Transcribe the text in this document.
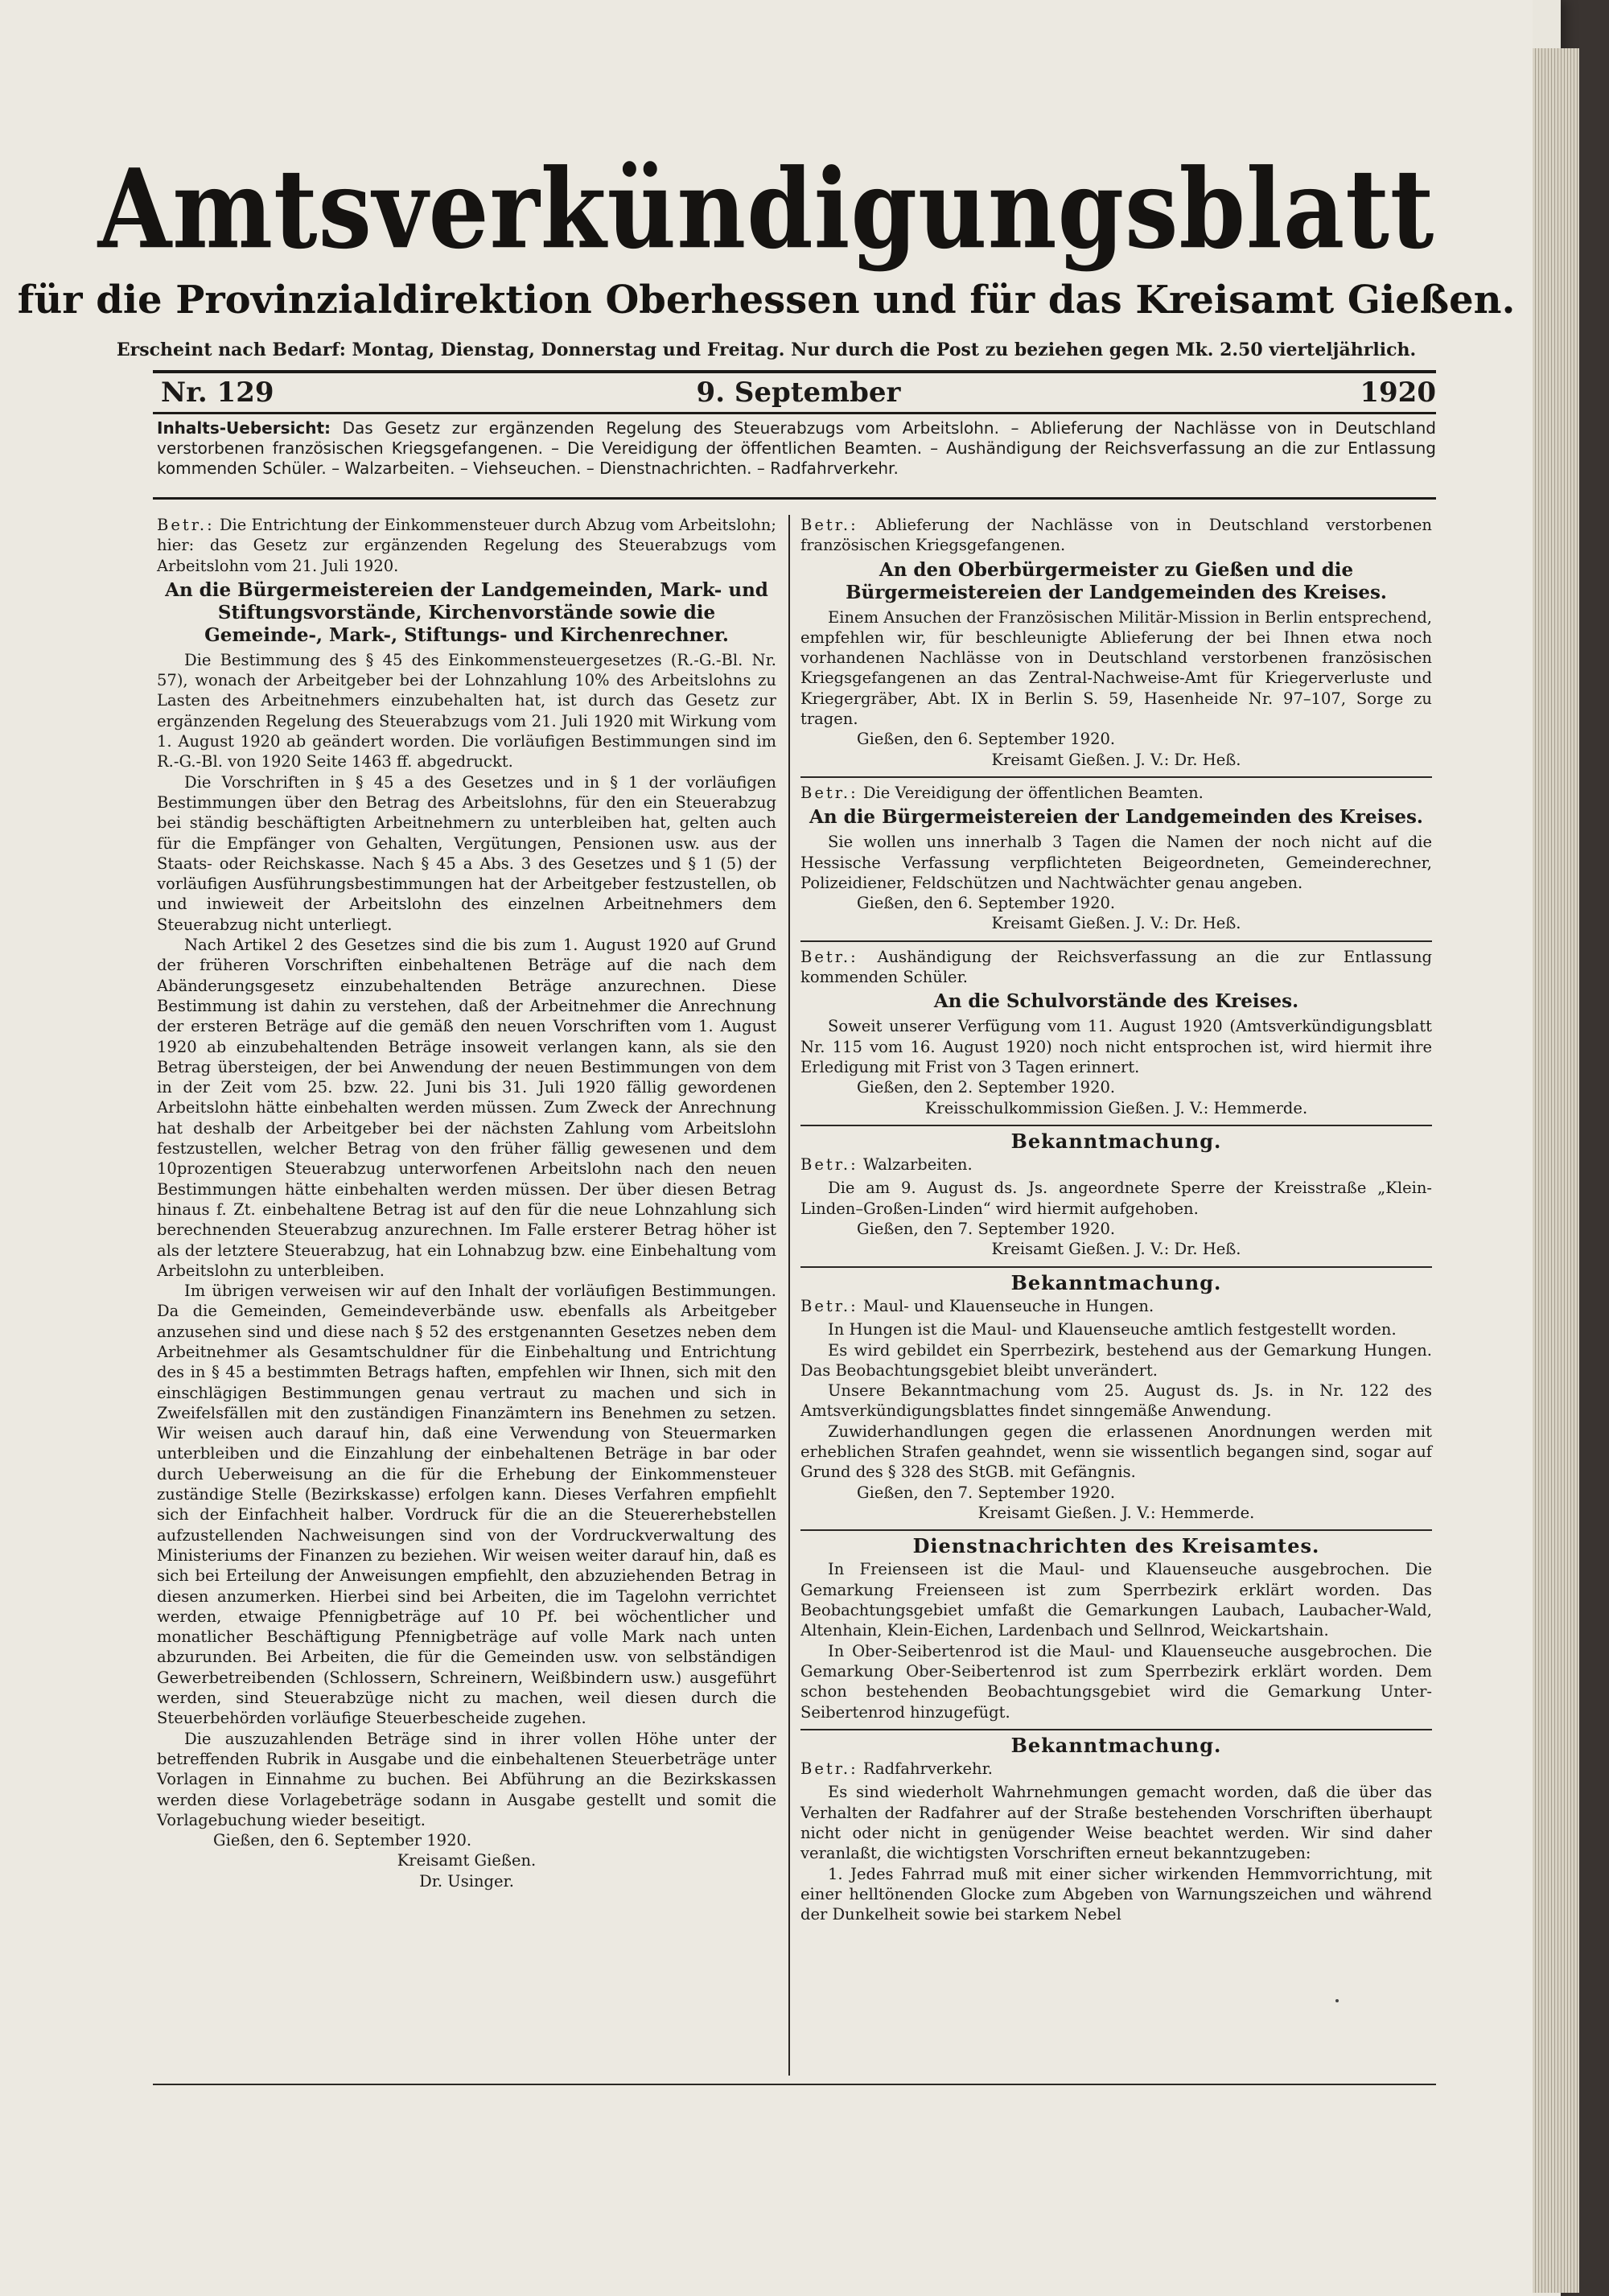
Amtsverkündigungsblatt
für die Provinzialdirektion Oberhessen und für das Kreisamt Gießen.
Erscheint nach Bedarf: Montag, Dienstag, Donnerstag und Freitag. Nur durch die Post zu beziehen gegen Mk. 2.50 vierteljährlich.
Nr. 129	9. September	1920
Inhalts-Uebersicht: Das Gesetz zur ergänzenden Regelung des Steuerabzugs vom Arbeitslohn. – Ablieferung der Nachlässe von in Deutschland verstorbenen französischen Kriegsgefangenen. – Die Vereidigung der öffentlichen Beamten. – Aushändigung der Reichsverfassung an die zur Entlassung kommenden Schüler. – Walzarbeiten. – Viehseuchen. – Dienstnachrichten. – Radfahrverkehr.
Betr.: Die Entrichtung der Einkommensteuer durch Abzug vom Arbeitslohn; hier: das Gesetz zur ergänzenden Regelung des Steuerabzugs vom Arbeitslohn vom 21. Juli 1920.
An die Bürgermeistereien der Landgemeinden, Mark- und Stiftungsvorstände, Kirchenvorstände sowie die Gemeinde-, Mark-, Stiftungs- und Kirchenrechner.

Die Bestimmung des § 45 des Einkommensteuergesetzes (R.-G.-Bl. Nr. 57), wonach der Arbeitgeber bei der Lohnzahlung 10% des Arbeitslohns zu Lasten des Arbeitnehmers einzubehalten hat, ist durch das Gesetz zur ergänzenden Regelung des Steuerabzugs vom 21. Juli 1920 mit Wirkung vom 1. August 1920 ab geändert worden. Die vorläufigen Bestimmungen sind im R.-G.-Bl. von 1920 Seite 1463 ff. abgedruckt.

Die Vorschriften in § 45 a des Gesetzes und in § 1 der vorläufigen Bestimmungen über den Betrag des Arbeitslohns, für den ein Steuerabzug bei ständig beschäftigten Arbeitnehmern zu unterbleiben hat, gelten auch für die Empfänger von Gehalten, Vergütungen, Pensionen usw. aus der Staats- oder Reichskasse. Nach § 45 a Abs. 3 des Gesetzes und § 1 (5) der vorläufigen Ausführungsbestimmungen hat der Arbeitgeber festzustellen, ob und inwieweit der Arbeitslohn des einzelnen Arbeitnehmers dem Steuerabzug nicht unterliegt.

Nach Artikel 2 des Gesetzes sind die bis zum 1. August 1920 auf Grund der früheren Vorschriften einbehaltenen Beträge auf die nach dem Abänderungsgesetz einzubehaltenden Beträge anzurechnen. Diese Bestimmung ist dahin zu verstehen, daß der Arbeitnehmer die Anrechnung der ersteren Beträge auf die gemäß den neuen Vorschriften vom 1. August 1920 ab einzubehaltenden Beträge insoweit verlangen kann, als sie den Betrag übersteigen, der bei Anwendung der neuen Bestimmungen von dem in der Zeit vom 25. bzw. 22. Juni bis 31. Juli 1920 fällig gewordenen Arbeitslohn hätte einbehalten werden müssen. Zum Zweck der Anrechnung hat deshalb der Arbeitgeber bei der nächsten Zahlung vom Arbeitslohn festzustellen, welcher Betrag von den früher fällig gewesenen und dem 10prozentigen Steuerabzug unterworfenen Arbeitslohn nach den neuen Bestimmungen hätte einbehalten werden müssen. Der über diesen Betrag hinaus f. Zt. einbehaltene Betrag ist auf den für die neue Lohnzahlung sich berechnenden Steuerabzug anzurechnen. Im Falle ersterer Betrag höher ist als der letztere Steuerabzug, hat ein Lohnabzug bzw. eine Einbehaltung vom Arbeitslohn zu unterbleiben.

Im übrigen verweisen wir auf den Inhalt der vorläufigen Bestimmungen. Da die Gemeinden, Gemeindeverbände usw. ebenfalls als Arbeitgeber anzusehen sind und diese nach § 52 des erstgenannten Gesetzes neben dem Arbeitnehmer als Gesamtschuldner für die Einbehaltung und Entrichtung des in § 45 a bestimmten Betrags haften, empfehlen wir Ihnen, sich mit den einschlägigen Bestimmungen genau vertraut zu machen und sich in Zweifelsfällen mit den zuständigen Finanzämtern ins Benehmen zu setzen. Wir weisen auch darauf hin, daß eine Verwendung von Steuermarken unterbleiben und die Einzahlung der einbehaltenen Beträge in bar oder durch Ueberweisung an die für die Erhebung der Einkommensteuer zuständige Stelle (Bezirkskasse) erfolgen kann. Dieses Verfahren empfiehlt sich der Einfachheit halber. Vordruck für die an die Steuererhebstellen aufzustellenden Nachweisungen sind von der Vordruckverwaltung des Ministeriums der Finanzen zu beziehen. Wir weisen weiter darauf hin, daß es sich bei Erteilung der Anweisungen empfiehlt, den abzuziehenden Betrag in diesen anzumerken. Hierbei sind bei Arbeiten, die im Tagelohn verrichtet werden, etwaige Pfennigbeträge auf 10 Pf. bei wöchentlicher und monatlicher Beschäftigung Pfennigbeträge auf volle Mark nach unten abzurunden. Bei Arbeiten, die für die Gemeinden usw. von selbständigen Gewerbetreibenden (Schlossern, Schreinern, Weißbindern usw.) ausgeführt werden, sind Steuerabzüge nicht zu machen, weil diesen durch die Steuerbehörden vorläufige Steuerbescheide zugehen.

Die auszuzahlenden Beträge sind in ihrer vollen Höhe unter der betreffenden Rubrik in Ausgabe und die einbehaltenen Steuerbeträge unter Vorlagen in Einnahme zu buchen. Bei Abführung an die Bezirkskassen werden diese Vorlagebeträge sodann in Ausgabe gestellt und somit die Vorlagebuchung wieder beseitigt.

Gießen, den 6. September 1920.

Kreisamt Gießen.

Dr. Usinger.

Betr.: Ablieferung der Nachlässe von in Deutschland verstorbenen französischen Kriegsgefangenen.
An den Oberbürgermeister zu Gießen und die Bürgermeistereien der Landgemeinden des Kreises.

Einem Ansuchen der Französischen Militär-Mission in Berlin entsprechend, empfehlen wir, für beschleunigte Ablieferung der bei Ihnen etwa noch vorhandenen Nachlässe von in Deutschland verstorbenen französischen Kriegsgefangenen an das Zentral-Nachweise-Amt für Kriegerverluste und Kriegergräber, Abt. IX in Berlin S. 59, Hasenheide Nr. 97–107, Sorge zu tragen.

Gießen, den 6. September 1920.

Kreisamt Gießen. J. V.: Dr. Heß.

Betr.: Die Vereidigung der öffentlichen Beamten.
An die Bürgermeistereien der Landgemeinden des Kreises.

Sie wollen uns innerhalb 3 Tagen die Namen der noch nicht auf die Hessische Verfassung verpflichteten Beigeordneten, Gemeinderechner, Polizeidiener, Feldschützen und Nachtwächter genau angeben.

Gießen, den 6. September 1920.

Kreisamt Gießen. J. V.: Dr. Heß.

Betr.: Aushändigung der Reichsverfassung an die zur Entlassung kommenden Schüler.
An die Schulvorstände des Kreises.

Soweit unserer Verfügung vom 11. August 1920 (Amtsverkündigungsblatt Nr. 115 vom 16. August 1920) noch nicht entsprochen ist, wird hiermit ihre Erledigung mit Frist von 3 Tagen erinnert.

Gießen, den 2. September 1920.

Kreisschulkommission Gießen. J. V.: Hemmerde.

Bekanntmachung.
Betr.: Walzarbeiten.

Die am 9. August ds. Js. angeordnete Sperre der Kreisstraße „Klein-Linden–Großen-Linden“ wird hiermit aufgehoben.

Gießen, den 7. September 1920.

Kreisamt Gießen. J. V.: Dr. Heß.

Bekanntmachung.
Betr.: Maul- und Klauenseuche in Hungen.

In Hungen ist die Maul- und Klauenseuche amtlich festgestellt worden.

Es wird gebildet ein Sperrbezirk, bestehend aus der Gemarkung Hungen. Das Beobachtungsgebiet bleibt unverändert.

Unsere Bekanntmachung vom 25. August ds. Js. in Nr. 122 des Amtsverkündigungsblattes findet sinngemäße Anwendung.

Zuwiderhandlungen gegen die erlassenen Anordnungen werden mit erheblichen Strafen geahndet, wenn sie wissentlich begangen sind, sogar auf Grund des § 328 des StGB. mit Gefängnis.

Gießen, den 7. September 1920.

Kreisamt Gießen. J. V.: Hemmerde.

Dienstnachrichten des Kreisamtes.

In Freienseen ist die Maul- und Klauenseuche ausgebrochen. Die Gemarkung Freienseen ist zum Sperrbezirk erklärt worden. Das Beobachtungsgebiet umfaßt die Gemarkungen Laubach, Laubacher-Wald, Altenhain, Klein-Eichen, Lardenbach und Sellnrod, Weickartshain.

In Ober-Seibertenrod ist die Maul- und Klauenseuche ausgebrochen. Die Gemarkung Ober-Seibertenrod ist zum Sperrbezirk erklärt worden. Dem schon bestehenden Beobachtungsgebiet wird die Gemarkung Unter-Seibertenrod hinzugefügt.

Bekanntmachung.
Betr.: Radfahrverkehr.

Es sind wiederholt Wahrnehmungen gemacht worden, daß die über das Verhalten der Radfahrer auf der Straße bestehenden Vorschriften überhaupt nicht oder nicht in genügender Weise beachtet werden. Wir sind daher veranlaßt, die wichtigsten Vorschriften erneut bekanntzugeben:

1. Jedes Fahrrad muß mit einer sicher wirkenden Hemmvorrichtung, mit einer helltönenden Glocke zum Abgeben von Warnungszeichen und während der Dunkelheit sowie bei starkem Nebel
